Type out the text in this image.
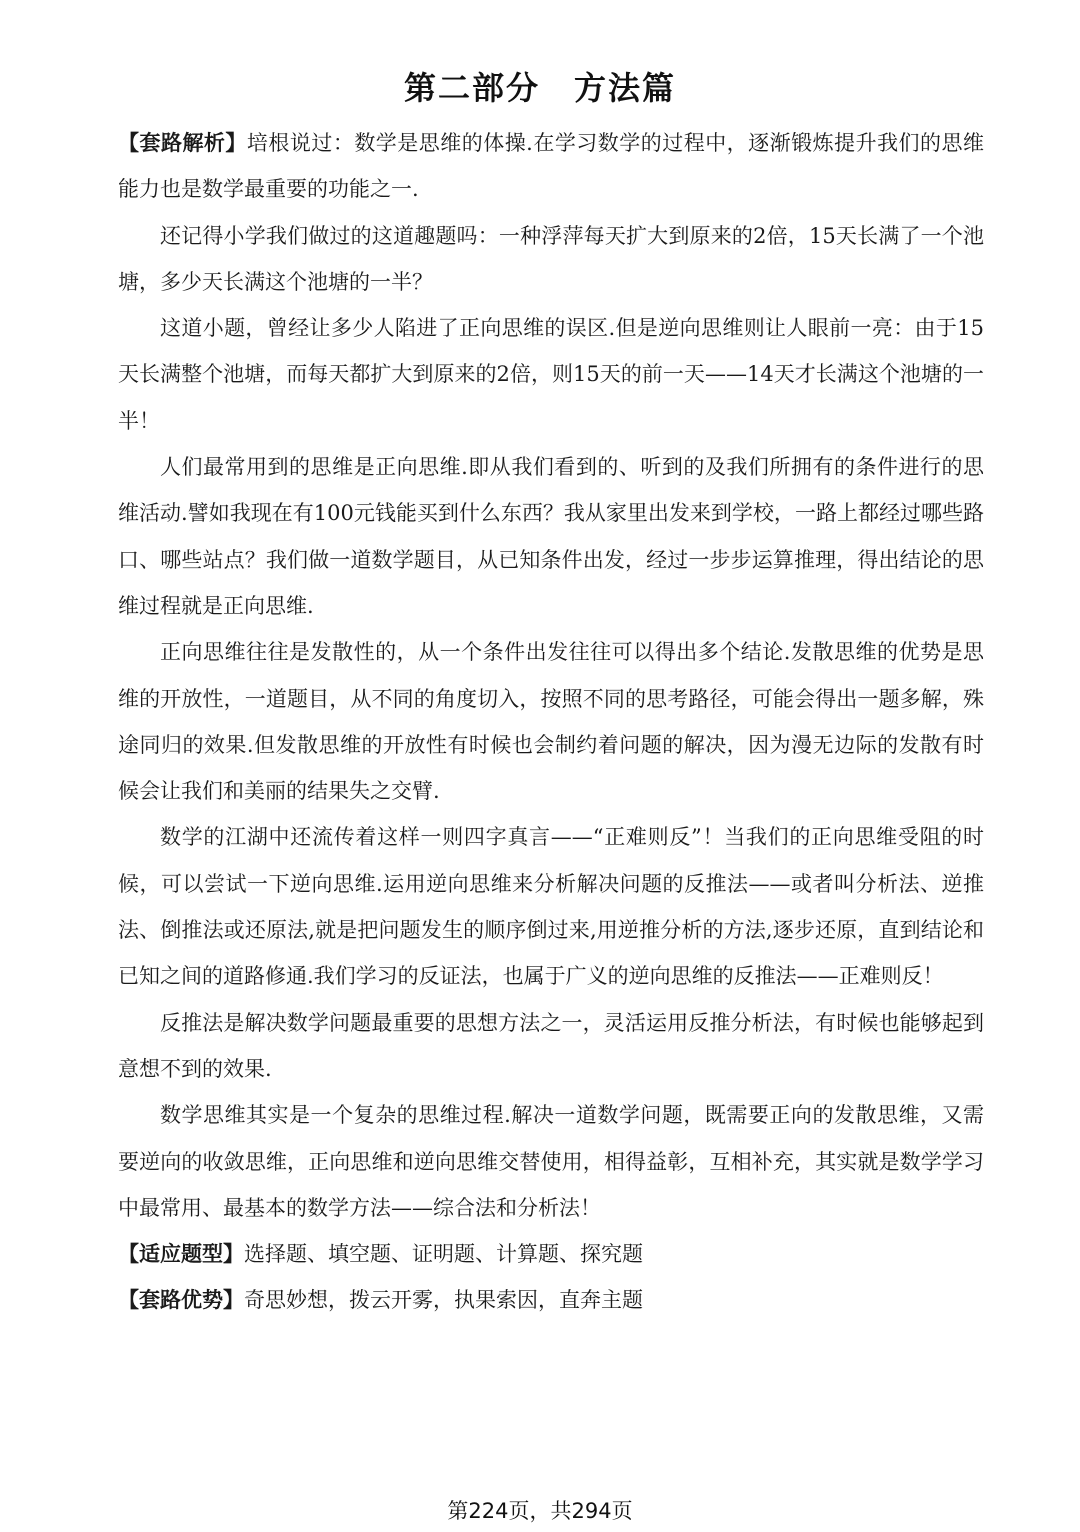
第二部分　方法篇

【套路解析】培根说过：数学是思维的体操.在学习数学的过程中，逐渐锻炼提升我们的思维能力也是数学最重要的功能之一.

还记得小学我们做过的这道趣题吗：一种浮萍每天扩大到原来的2倍，15天长满了一个池塘，多少天长满这个池塘的一半？

这道小题，曾经让多少人陷进了正向思维的误区.但是逆向思维则让人眼前一亮：由于15天长满整个池塘，而每天都扩大到原来的2倍，则15天的前一天——14天才长满这个池塘的一半！

人们最常用到的思维是正向思维.即从我们看到的、听到的及我们所拥有的条件进行的思维活动.譬如我现在有100元钱能买到什么东西？我从家里出发来到学校，一路上都经过哪些路口、哪些站点？我们做一道数学题目，从已知条件出发，经过一步步运算推理，得出结论的思维过程就是正向思维.

正向思维往往是发散性的，从一个条件出发往往可以得出多个结论.发散思维的优势是思维的开放性，一道题目，从不同的角度切入，按照不同的思考路径，可能会得出一题多解，殊途同归的效果.但发散思维的开放性有时候也会制约着问题的解决，因为漫无边际的发散有时候会让我们和美丽的结果失之交臂.

数学的江湖中还流传着这样一则四字真言——“正难则反”！当我们的正向思维受阻的时候，可以尝试一下逆向思维.运用逆向思维来分析解决问题的反推法——或者叫分析法、逆推法、倒推法或还原法,就是把问题发生的顺序倒过来,用逆推分析的方法,逐步还原，直到结论和已知之间的道路修通.我们学习的反证法，也属于广义的逆向思维的反推法——正难则反！

反推法是解决数学问题最重要的思想方法之一，灵活运用反推分析法，有时候也能够起到意想不到的效果.

数学思维其实是一个复杂的思维过程.解决一道数学问题，既需要正向的发散思维，又需要逆向的收敛思维，正向思维和逆向思维交替使用，相得益彰，互相补充，其实就是数学学习中最常用、最基本的数学方法——综合法和分析法！

【适应题型】选择题、填空题、证明题、计算题、探究题

【套路优势】奇思妙想，拨云开雾，执果索因，直奔主题

第224页，共294页
